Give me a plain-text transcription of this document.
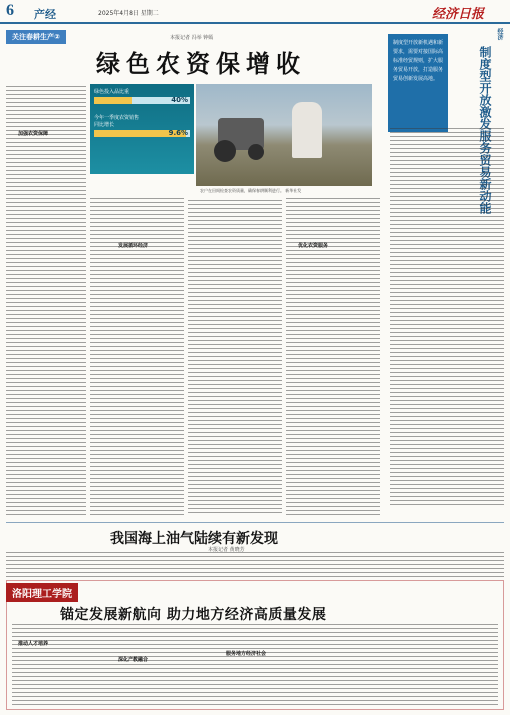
6 产经	2025年4月8日 星期二	经济日报
关注春耕生产②	本报记者 冯举 钟嫣
绿色农资保增收
绿色投入品比重
40%
今年一季度农资销售
同比增长
9.6%
农户在田间检查农资质量，确保春耕顺利进行。 新华社发
加强农资保障
发展循环经济	优化农资服务
经济
制度型开放新机遇和新要求，需要对接国际高标准经贸规则，扩大服务贸易开放，打造服务贸易创新发展高地。	制度型开放激发服务贸易新动能
我国海上油气陆续有新发现
本报记者 黄晓芳
洛阳理工学院
锚定发展新航向 助力地方经济高质量发展
推动人才培养
深化产教融合
服务地方经济社会
